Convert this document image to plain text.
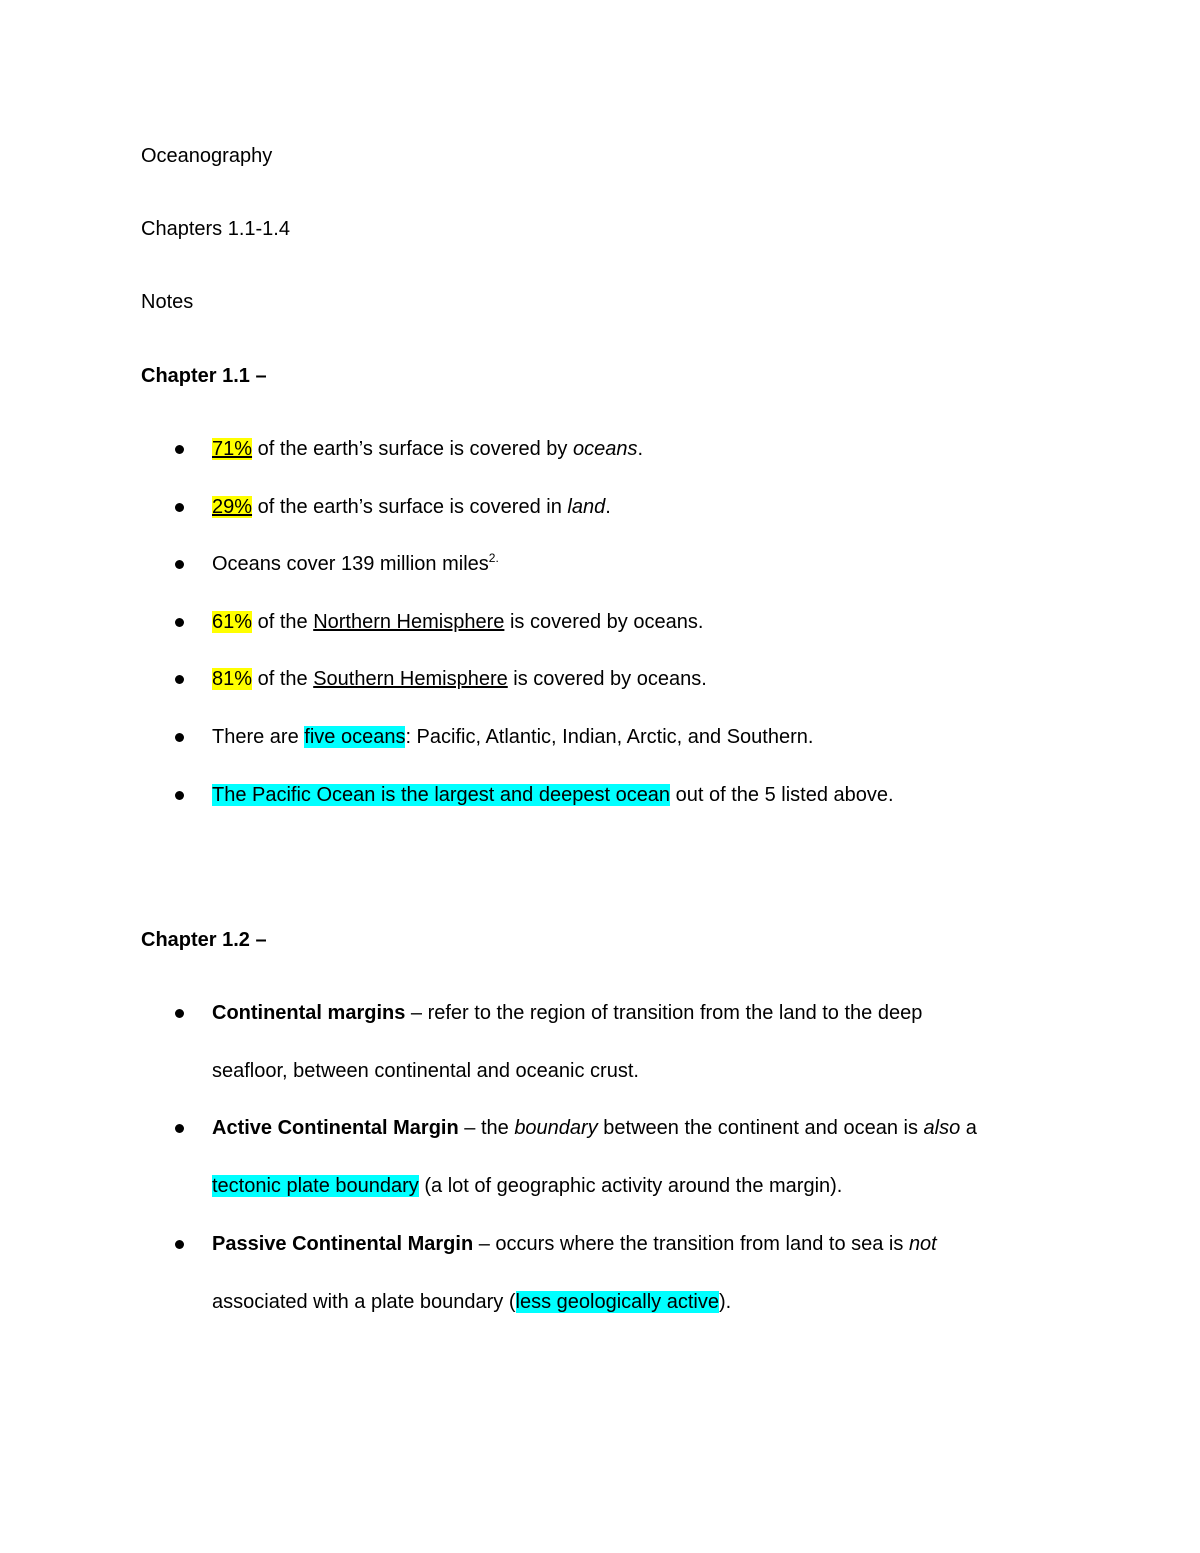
Oceanography
Chapters 1.1-1.4
Notes
Chapter 1.1 –
71% of the earth’s surface is covered by oceans.
29% of the earth’s surface is covered in land.
Oceans cover 139 million miles$^{2.}$
61% of the Northern Hemisphere is covered by oceans.
81% of the Southern Hemisphere is covered by oceans.
There are five oceans: Pacific, Atlantic, Indian, Arctic, and Southern.
The Pacific Ocean is the largest and deepest ocean out of the 5 listed above.
Chapter 1.2 –
Continental margins – refer to the region of transition from the land to the deep
seafloor, between continental and oceanic crust.
Active Continental Margin – the boundary between the continent and ocean is also a
tectonic plate boundary (a lot of geographic activity around the margin).
Passive Continental Margin – occurs where the transition from land to sea is not
associated with a plate boundary (less geologically active).
